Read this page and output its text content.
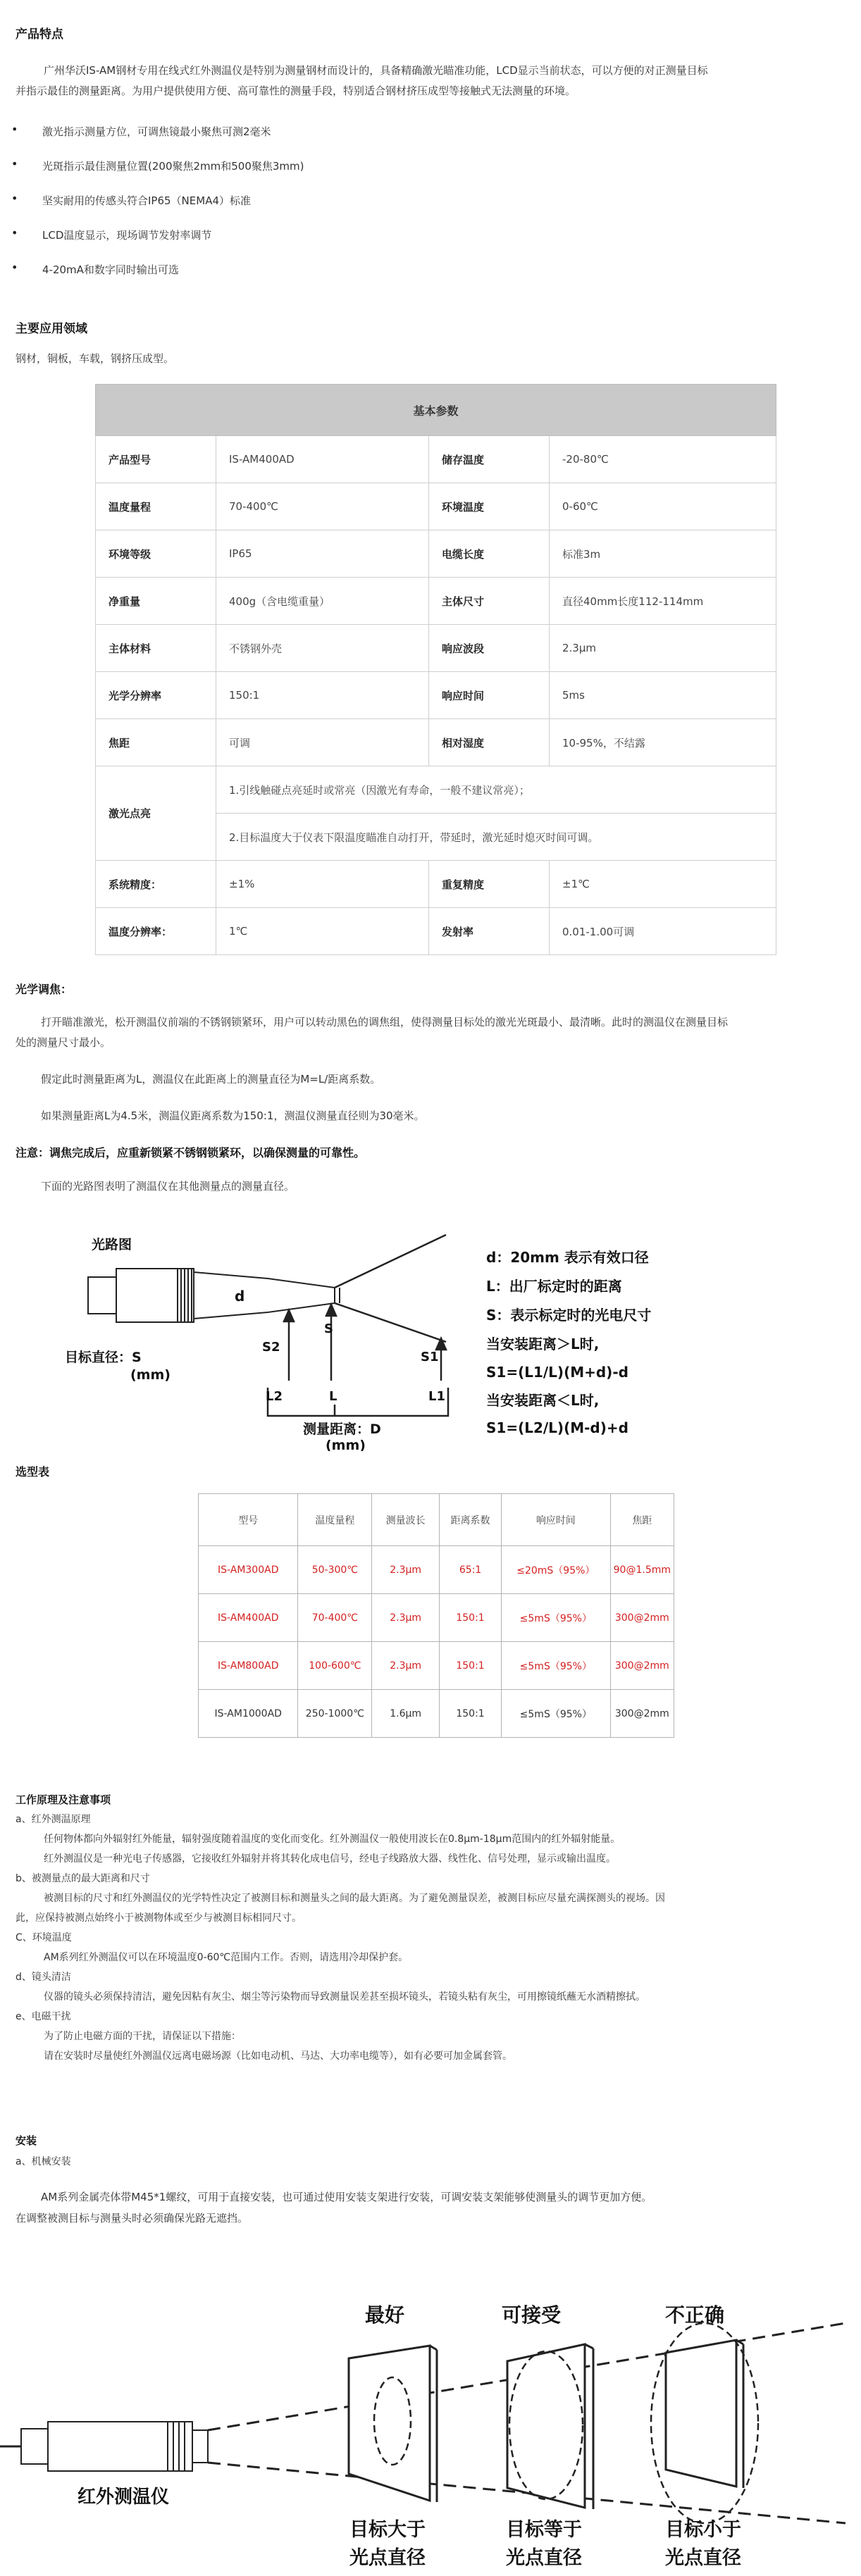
产品特点
广州华沃IS-AM钢材专用在线式红外测温仪是特别为测量钢材而设计的，具备精确激光瞄准功能，LCD显示当前状态，可以方便的对正测量目标
并指示最佳的测量距离。为用户提供使用方便、高可靠性的测量手段，特别适合钢材挤压成型等接触式无法测量的环境。
• 激光指示测量方位，可调焦镜最小聚焦可测2毫米
• 光斑指示最佳测量位置(200聚焦2mm和500聚焦3mm)
• 坚实耐用的传感头符合IP65（NEMA4）标准
• LCD温度显示，现场调节发射率调节
• 4-20mA和数字同时输出可选
主要应用领域
钢材，铜板，车载，钢挤压成型。
基本参数			
产品型号	IS-AM400AD	储存温度	-20-80℃
温度量程	70-400℃	环境温度	0-60℃
环境等级	IP65	电缆长度	标准3m
净重量	400g（含电缆重量）	主体尺寸	直径40mm长度112-114mm
主体材料	不锈钢外壳	响应波段	2.3μm
光学分辨率	150:1	响应时间	5ms
焦距	可调	相对湿度	10-95%，不结露
激光点亮	1.引线触碰点亮延时或常亮（因激光有寿命，一般不建议常亮）；		
	2.目标温度大于仪表下限温度瞄准自动打开，带延时，激光延时熄灭时间可调。		
系统精度：	±1%	重复精度	±1℃
温度分辨率：	1℃	发射率	0.01-1.00可调
光学调焦：
打开瞄准激光，松开测温仪前端的不锈钢锁紧环，用户可以转动黑色的调焦组，使得测量目标处的激光光斑最小、最清晰。此时的测温仪在测量目标
处的测量尺寸最小。
假定此时测量距离为L，测温仪在此距离上的测量直径为M=L/距离系数。
如果测量距离L为4.5米，测温仪距离系数为150:1，测温仪测量直径则为30毫米。
注意：调焦完成后，应重新锁紧不锈钢锁紧环，以确保测量的可靠性。
下面的光路图表明了测温仪在其他测量点的测量直径。
光路图
d
S2
S
S1
目标直径：S
(mm)
L2	L	L1
测量距离：D
(mm)
d：20mm 表示有效口径
L：出厂标定时的距离
S：表示标定时的光电尺寸
当安装距离＞L时,
S1=(L1/L)(M+d)-d
当安装距离＜L时,
S1=(L2/L)(M-d)+d
选型表
型号	温度量程	测量波长	距离系数	响应时间	焦距
IS-AM300AD	50-300℃	2.3μm	65:1	≤20mS（95%）	90@1.5mm
IS-AM400AD	70-400℃	2.3μm	150:1	≤5mS（95%）	300@2mm
IS-AM800AD	100-600℃	2.3μm	150:1	≤5mS（95%）	300@2mm
IS-AM1000AD	250-1000℃	1.6μm	150:1	≤5mS（95%）	300@2mm
工作原理及注意事项
a、红外测温原理
任何物体都向外辐射红外能量，辐射强度随着温度的变化而变化。红外测温仪一般使用波长在0.8μm-18μm范围内的红外辐射能量。
红外测温仪是一种光电子传感器，它接收红外辐射并将其转化成电信号，经电子线路放大器、线性化、信号处理，显示或输出温度。
b、被测量点的最大距离和尺寸
被测目标的尺寸和红外测温仪的光学特性决定了被测目标和测量头之间的最大距离。为了避免测量误差，被测目标应尽量充满探测头的视场。因
此，应保持被测点始终小于被测物体或至少与被测目标相同尺寸。
C、环境温度
AM系列红外测温仪可以在环境温度0-60℃范围内工作。否则，请选用冷却保护套。
d、镜头清洁
仪器的镜头必须保持清洁，避免因粘有灰尘、烟尘等污染物而导致测量误差甚至损坏镜头，若镜头粘有灰尘，可用擦镜纸蘸无水酒精擦拭。
e、电磁干扰
为了防止电磁方面的干扰，请保证以下措施：
请在安装时尽量使红外测温仪远离电磁场源（比如电动机、马达、大功率电缆等），如有必要可加金属套管。
安装
a、机械安装
AM系列金属壳体带M45*1螺纹，可用于直接安装，也可通过使用安装支架进行安装，可调安装支架能够使测量头的调节更加方便。
在调整被测目标与测量头时必须确保光路无遮挡。
最好	可接受	不正确
红外测温仪
目标大于
光点直径
目标等于
光点直径
目标小于
光点直径
